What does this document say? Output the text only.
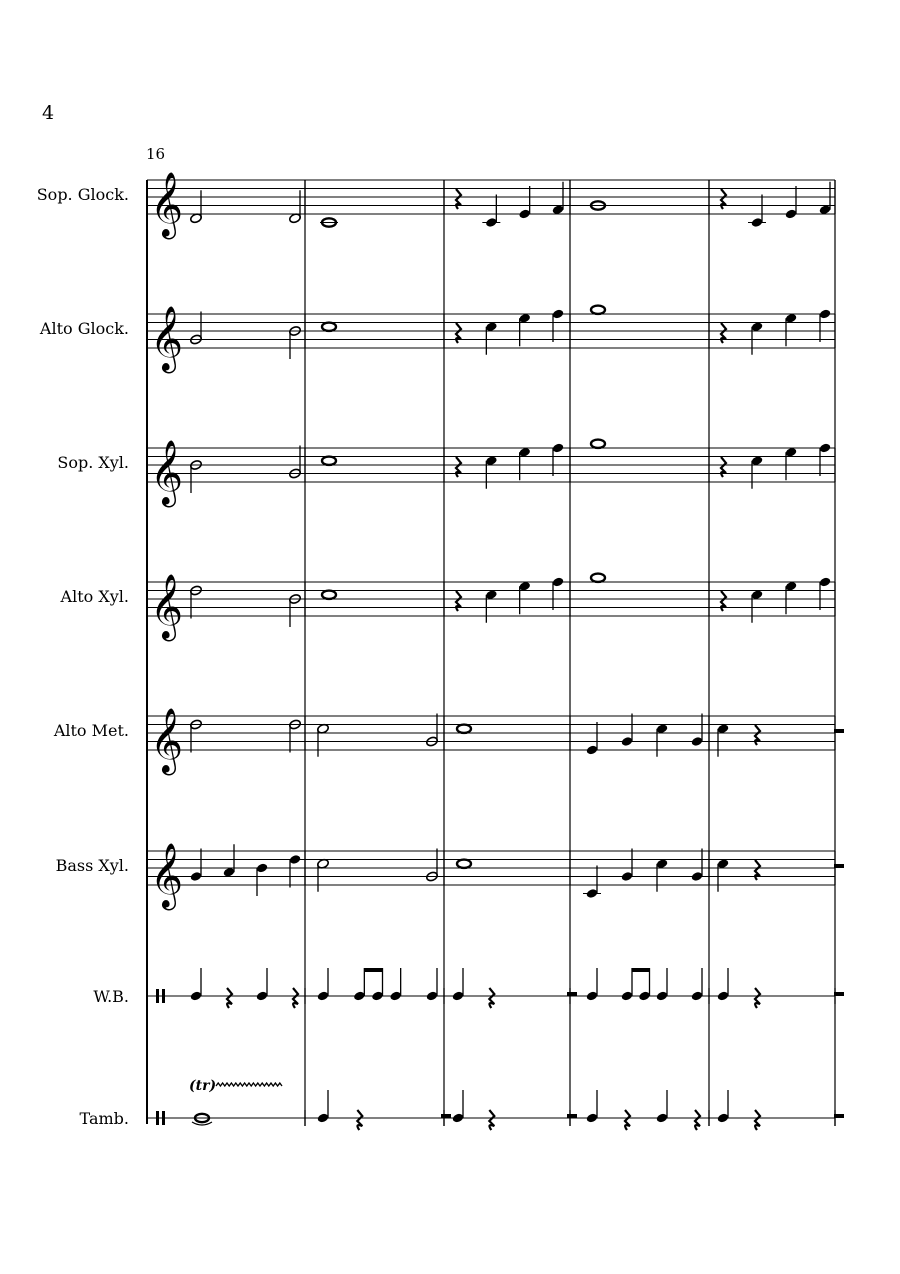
4
16
Sop. Glock.
Alto Glock.
Sop. Xyl.
Alto Xyl.
Alto Met.
Bass Xyl.
W.B.
Tamb.
𝄞
𝄞
𝄞
𝄞
𝄞
𝄞
(tr)
